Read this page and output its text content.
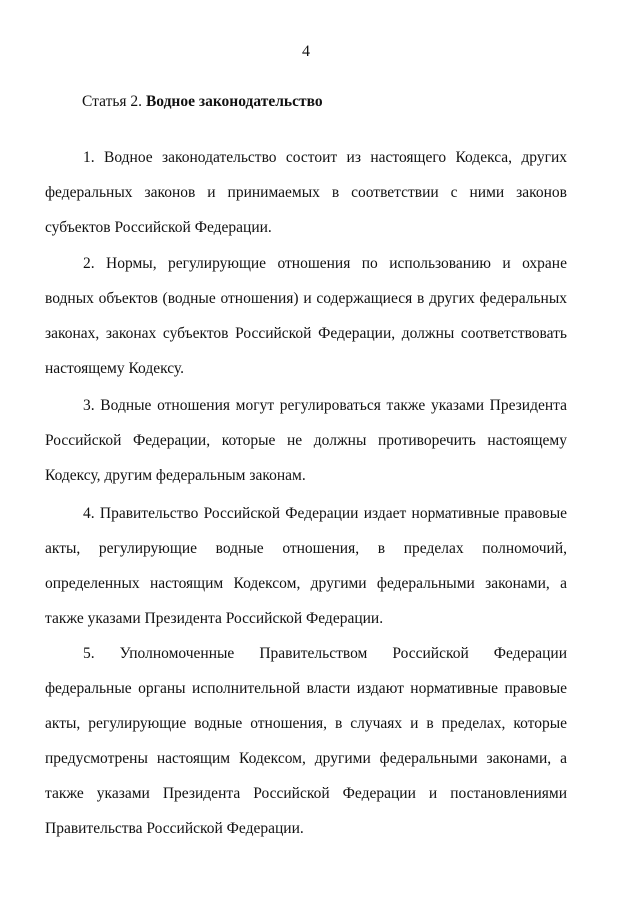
4
Статья 2. Водное законодательство

1. Водное законодательство состоит из настоящего Кодекса, других федеральных законов и принимаемых в соответствии с ними законов субъектов Российской Федерации.

2. Нормы, регулирующие отношения по использованию и охране водных объектов (водные отношения) и содержащиеся в других федеральных законах, законах субъектов Российской Федерации, должны соответствовать настоящему Кодексу.

3. Водные отношения могут регулироваться также указами Президента Российской Федерации, которые не должны противоречить настоящему Кодексу, другим федеральным законам.

4. Правительство Российской Федерации издает нормативные правовые акты, регулирующие водные отношения, в пределах полномочий, определенных настоящим Кодексом, другими федеральными законами, а также указами Президента Российской Федерации.

5. Уполномоченные Правительством Российской Федерации федеральные органы исполнительной власти издают нормативные правовые акты, регулирующие водные отношения, в случаях и в пределах, которые предусмотрены настоящим Кодексом, другими федеральными законами, а также указами Президента Российской Федерации и постановлениями Правительства Российской Федерации.
